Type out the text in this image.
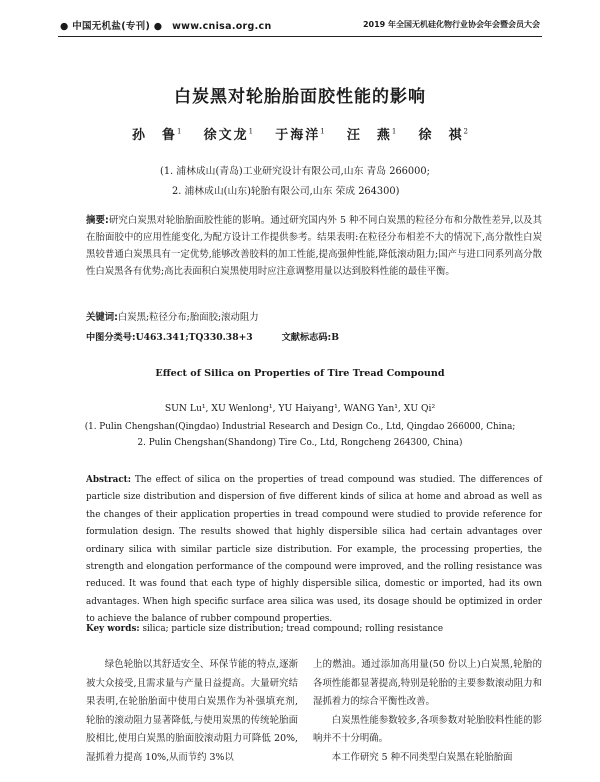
● 中国无机盐(专刊) ●　www.cnisa.org.cn	2019 年全国无机硅化物行业协会年会暨会员大会
白炭黑对轮胎胎面胶性能的影响
孙　鲁$^1$ 徐文龙$^1$ 于海洋$^1$ 汪　燕$^1$ 徐　祺$^2$
(1. 浦林成山(青岛)工业研究设计有限公司,山东 青岛 266000;
2. 浦林成山(山东)轮胎有限公司,山东 荣成 264300)
摘要:研究白炭黑对轮胎胎面胶性能的影响。通过研究国内外 5 种不同白炭黑的粒径分布和分散性差异,以及其在胎面胶中的应用性能变化,为配方设计工作提供参考。结果表明:在粒径分布相差不大的情况下,高分散性白炭黑较普通白炭黑具有一定优势,能够改善胶料的加工性能,提高强伸性能,降低滚动阻力;国产与进口同系列高分散性白炭黑各有优势;高比表面积白炭黑使用时应注意调整用量以达到胶料性能的最佳平衡。
关键词:白炭黑;粒径分布;胎面胶;滚动阻力
中图分类号:U463.341;TQ330.38+3	文献标志码:B
Effect of Silica on Properties of Tire Tread Compound
SUN Lu¹, XU Wenlong¹, YU Haiyang¹, WANG Yan¹, XU Qi²
(1. Pulin Chengshan(Qingdao) Industrial Research and Design Co., Ltd, Qingdao 266000, China;
2. Pulin Chengshan(Shandong) Tire Co., Ltd, Rongcheng 264300, China)
Abstract: The effect of silica on the properties of tread compound was studied. The differences of particle size distribution and dispersion of five different kinds of silica at home and abroad as well as the changes of their application properties in tread compound were studied to provide reference for formulation design. The results showed that highly dispersible silica had certain advantages over ordinary silica with similar particle size distribution. For example, the processing properties, the strength and elongation performance of the compound were improved, and the rolling resistance was reduced. It was found that each type of highly dispersible silica, domestic or imported, had its own advantages. When high specific surface area silica was used, its dosage should be optimized in order to achieve the balance of rubber compound properties.
Key words: silica; particle size distribution; tread compound; rolling resistance

绿色轮胎以其舒适安全、环保节能的特点,逐渐被大众接受,且需求量与产量日益提高。大量研究结果表明,在轮胎胎面中使用白炭黑作为补强填充剂,轮胎的滚动阻力显著降低,与使用炭黑的传统轮胎面胶相比,使用白炭黑的胎面胶滚动阻力可降低 20%,湿抓着力提高 10%,从而节约 3%以

上的燃油。通过添加高用量(50 份以上)白炭黑,轮胎的各项性能都显著提高,特别是轮胎的主要参数滚动阻力和湿抓着力的综合平衡性改善。

白炭黑性能参数较多,各项参数对轮胎胶料性能的影响并不十分明确。

本工作研究 5 种不同类型白炭黑在轮胎胎面
